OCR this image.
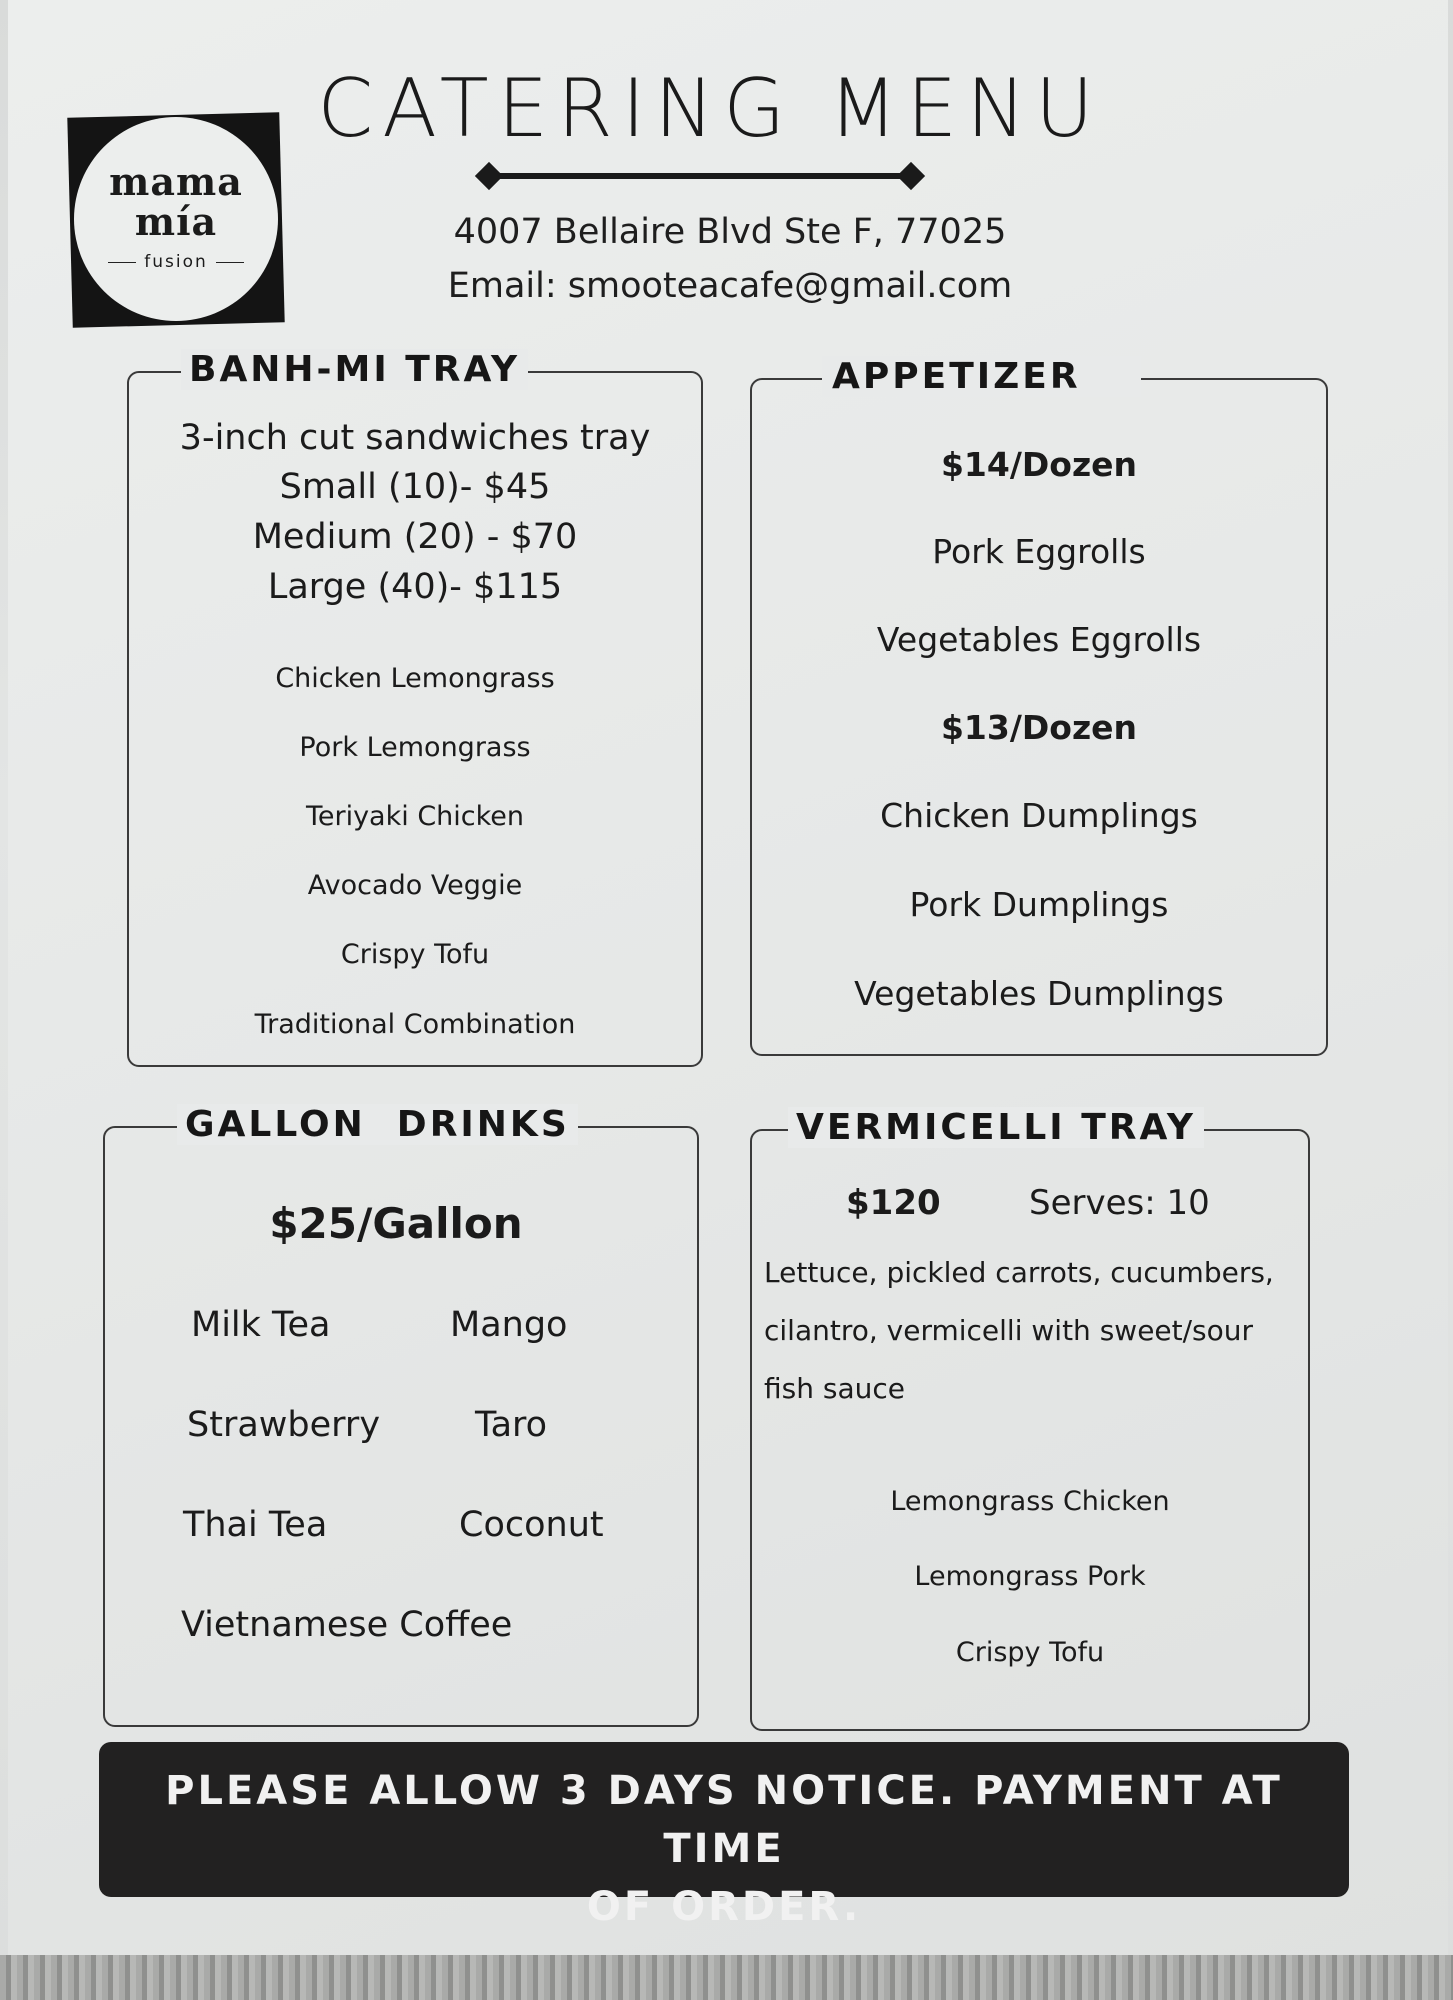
mama
mía
fusion
CATERING MENU
4007 Bellaire Blvd Ste F, 77025
Email: smooteacafe@gmail.com
BANH-MI TRAY
3-inch cut sandwiches tray
Small (10)- $45
Medium (20) - $70
Large (40)- $115
Chicken Lemongrass
Pork Lemongrass
Teriyaki Chicken
Avocado Veggie
Crispy Tofu
Traditional Combination
APPETIZER
$14/Dozen
Pork Eggrolls
Vegetables Eggrolls
$13/Dozen
Chicken Dumplings
Pork Dumplings
Vegetables Dumplings
GALLON  DRINKS
$25/Gallon
Milk Tea	Mango
Strawberry	Taro
Thai Tea	Coconut
Vietnamese Coffee
VERMICELLI TRAY
$120	Serves: 10
Lettuce, pickled carrots, cucumbers,
cilantro, vermicelli with sweet/sour
fish sauce
Lemongrass Chicken
Lemongrass Pork
Crispy Tofu
PLEASE ALLOW 3 DAYS NOTICE. PAYMENT AT TIME
OF ORDER.
